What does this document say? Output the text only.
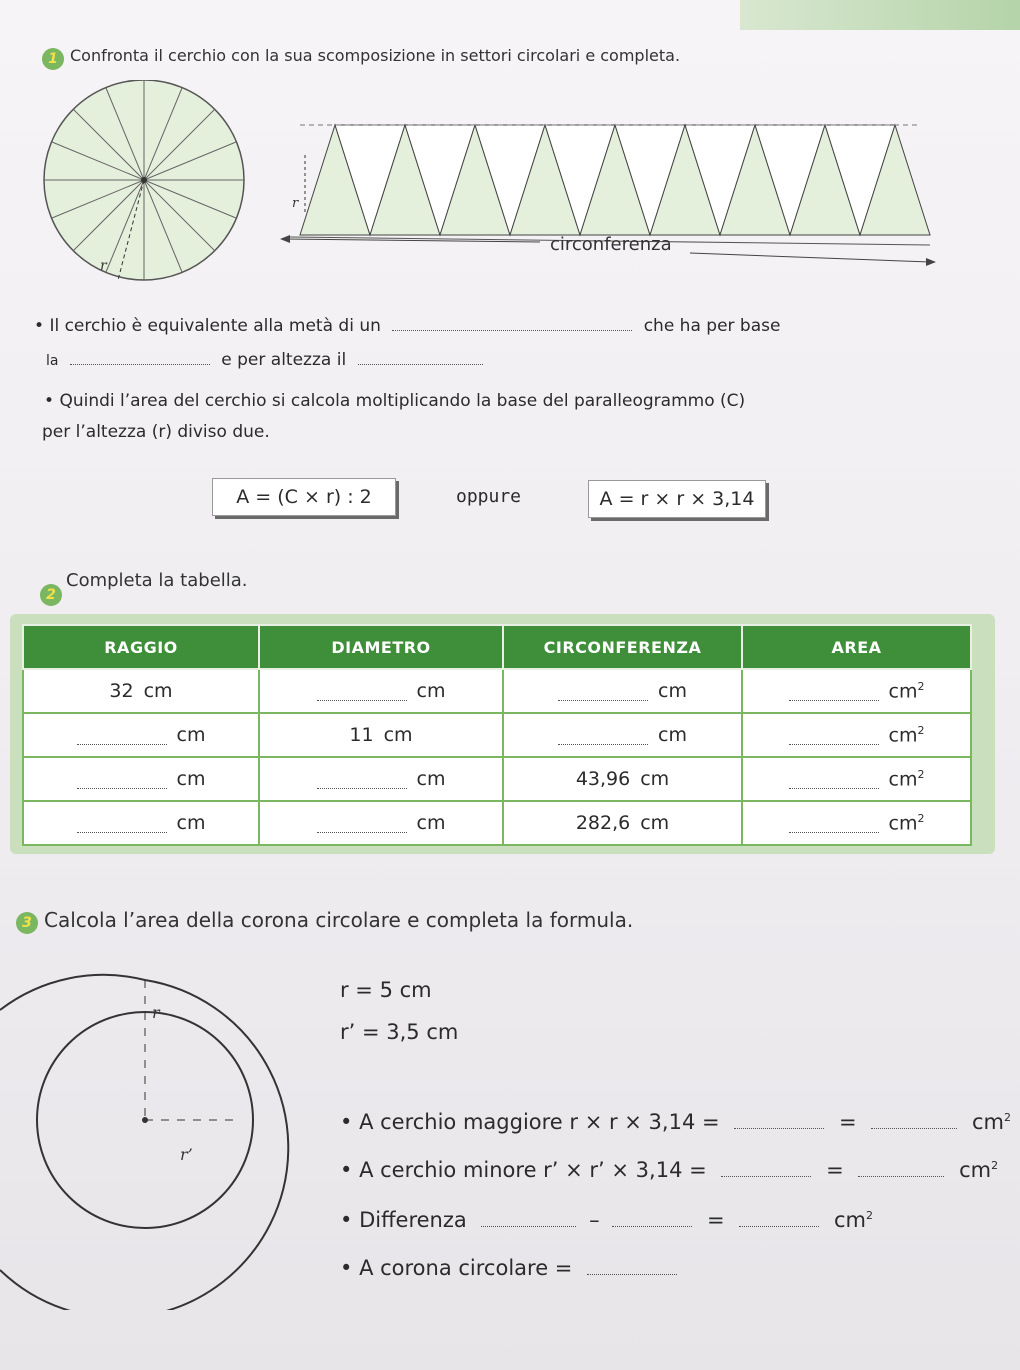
1 Confronta il cerchio con la sua scomposizione in settori circolari e completa.
r
r
circonferenza
• Il cerchio è equivalente alla metà di un	che ha per base
la	e per altezza il
• Quindi l’area del cerchio si calcola moltiplicando la base del paralleogrammo (C)
per l’altezza (r) diviso due.
A = (C × r) : 2	oppure	A = r × r × 3,14
2
Completa la tabella.
RAGGIO	DIAMETRO	CIRCONFERENZA	AREA

32 cm	cm	cm	$cm^2$

cm	11 cm	cm	$cm^2$

cm	cm	43,96 cm	$cm^2$

cm	cm	282,6 cm	$cm^2$
3 Calcola l’area della corona circolare e completa la formula.
r
r’
r = 5 cm
r’ = 3,5 cm
• A cerchio maggiore r × r × 3,14 =	=	$cm^2$
• A cerchio minore r’ × r’ × 3,14 =	=	$cm^2$
• Differenza	–	=	$cm^2$
• A corona circolare =
